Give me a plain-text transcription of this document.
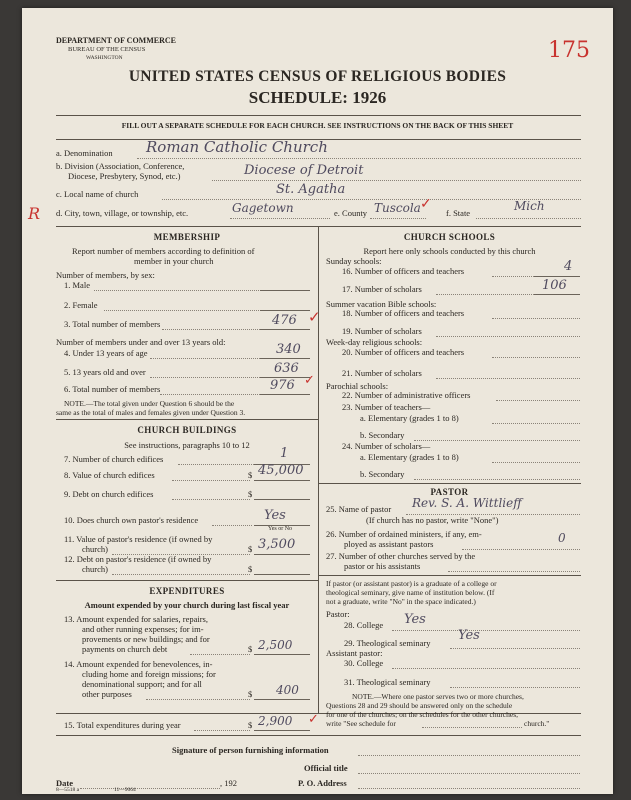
DEPARTMENT OF COMMERCE
BUREAU OF THE CENSUS
WASHINGTON	175
UNITED STATES CENSUS OF RELIGIOUS BODIES
SCHEDULE: 1926
FILL OUT A SEPARATE SCHEDULE FOR EACH CHURCH. SEE INSTRUCTIONS ON THE BACK OF THIS SHEET
a. Denomination Roman Catholic Church
b. Division (Association, Conference,
Diocese, Presbytery, Synod, etc.)	Diocese of Detroit
c. Local name of church	St. Agatha
R d. City, town, village, or township, etc.	Gagetown	e. County Tuscola ✓
f. State	Mich
MEMBERSHIP
Report number of members according to definition of
member in your church
Number of members, by sex:
1. Male
2. Female
3. Total number of members	476 ✓
Number of members under and over 13 years old:
4. Under 13 years of age	340
5. 13 years old and over	636
6. Total number of members	976 ✓
NOTE.—The total given under Question 6 should be the
same as the total of males and females given under Question 3.
CHURCH BUILDINGS
See instructions, paragraphs 10 to 12
7. Number of church edifices	1
8. Value of church edifices	$ 45,000
9. Debt on church edifices	$
10. Does church own pastor's residence	Yes
Yes or No
11. Value of pastor's residence (if owned by
church)	$ 3,500
12. Debt on pastor's residence (if owned by
church)	$
EXPENDITURES
Amount expended by your church during last fiscal year
13. Amount expended for salaries, repairs,
and other running expenses; for im-
provements or new buildings; and for
payments on church debt	$ 2,500
14. Amount expended for benevolences, in-
cluding home and foreign missions; for
denominational support; and for all
other purposes	$ 400
15. Total expenditures during year	$ 2,900 ✓
CHURCH SCHOOLS
Report here only schools conducted by this church
Sunday schools:
16. Number of officers and teachers	4
17. Number of scholars	106
Summer vacation Bible schools:
18. Number of officers and teachers
19. Number of scholars
Week-day religious schools:
20. Number of officers and teachers
21. Number of scholars
Parochial schools:
22. Number of administrative officers
23. Number of teachers—
a. Elementary (grades 1 to 8)
b. Secondary
24. Number of scholars—
a. Elementary (grades 1 to 8)
b. Secondary
PASTOR
25. Name of pastor Rev. S. A. Wittlieff
(If church has no pastor, write "None")
26. Number of ordained ministers, if any, em-
ployed as assistant pastors	0
27. Number of other churches served by the
pastor or his assistants
If pastor (or assistant pastor) is a graduate of a college or
theological seminary, give name of institution below. (If
not a graduate, write "No" in the space indicated.)
Pastor:
28. College Yes
29. Theological seminary Yes
Assistant pastor:
30. College
31. Theological seminary
NOTE.—Where one pastor serves two or more churches,
Questions 28 and 29 should be answered only on the schedule
for one of the churches; on the schedules for the other churches,
write "See schedule for	church."
Signature of person furnishing information
Official title
Date	, 192	P. O. Address
8—5518 a	11—9064
